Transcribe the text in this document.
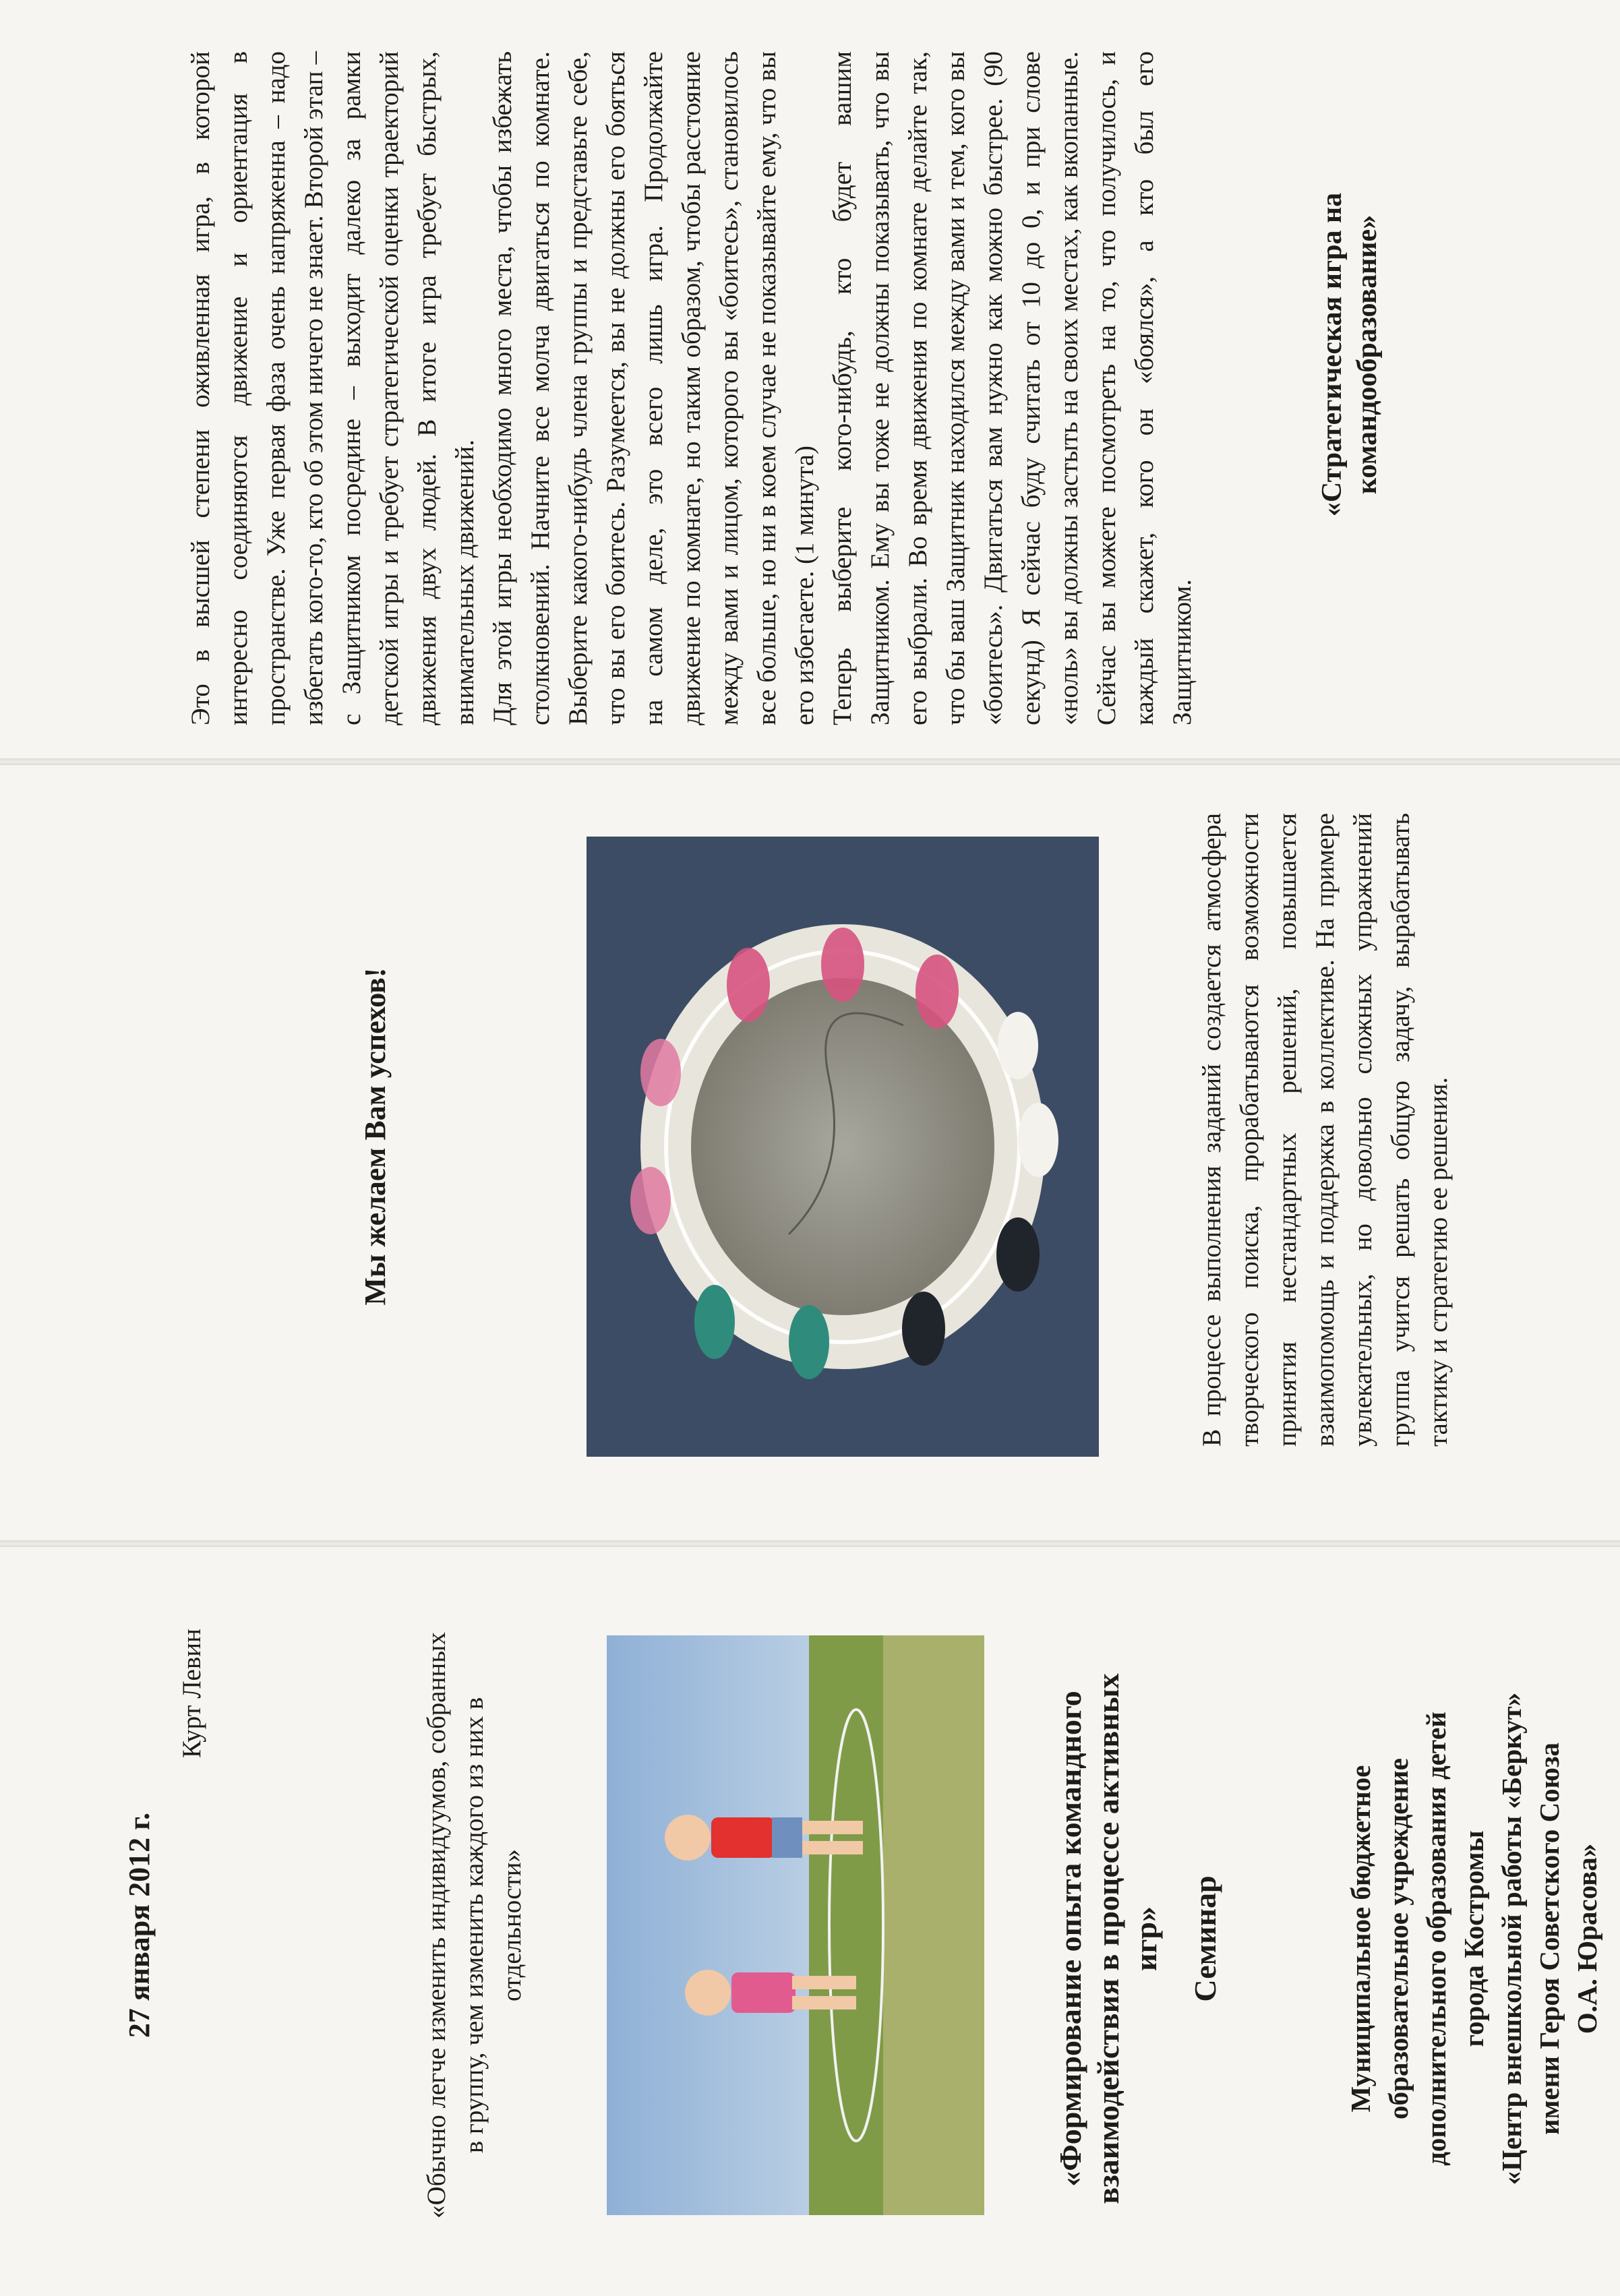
«Стратегическая игра на командообразование»

Это в высшей степени оживленная игра, в которой интересно соединяются движение и ориентация в пространстве. Уже первая фаза очень напряженна – надо избегать кого-то, кто об этом ничего не знает. Второй этап – с Защитником посредине – выходит далеко за рамки детской игры и требует стратегической оценки траекторий движения двух людей. В итоге игра требует быстрых, внимательных движений. Для этой игры необходимо много места, чтобы избежать столкновений. Начните все молча двигаться по комнате. Выберите какого-нибудь члена группы и представьте себе, что вы его боитесь. Разумеется, вы не должны его бояться на самом деле, это всего лишь игра. Продолжайте движение по комнате, но таким образом, чтобы расстояние между вами и лицом, которого вы «боитесь», становилось все больше, но ни в коем случае не показывайте ему, что вы его избегаете. (1 минута) Теперь выберите кого-нибудь, кто будет вашим Защитником. Ему вы тоже не должны показывать, что вы его выбрали. Во время движения по комнате делайте так, что бы ваш Защитник находился между вами и тем, кого вы «боитесь». Двигаться вам нужно как можно быстрее. (90 секунд) Я сейчас буду считать от 10 до 0, и при слове «ноль» вы должны застыть на своих местах, как вкопанные. Сейчас вы можете посмотреть на то, что получилось, и каждый скажет, кого он «боялся», а кто был его Защитником.

В процессе выполнения заданий создается атмосфера творческого поиска, прорабатываются возможности принятия нестандартных решений, повышается взаимопомощь и поддержка в коллективе. На примере увлекательных, но довольно сложных упражнений группа учится решать общую задачу, вырабатывать тактику и стратегию ее решения.
Мы желаем Вам успехов!
Муниципальное бюджетное образовательное учреждение дополнительного образования детей города Костромы «Центр внешкольной работы «Беркут» имени Героя Советского Союза О.А. Юрасова»
Семинар
«Формирование опыта командного взаимодействия в процессе активных игр»
«Обычно легче изменить индивидуумов, собранных в группу, чем изменить каждого из них в отдельности»
Курт Левин
27 января 2012 г.
